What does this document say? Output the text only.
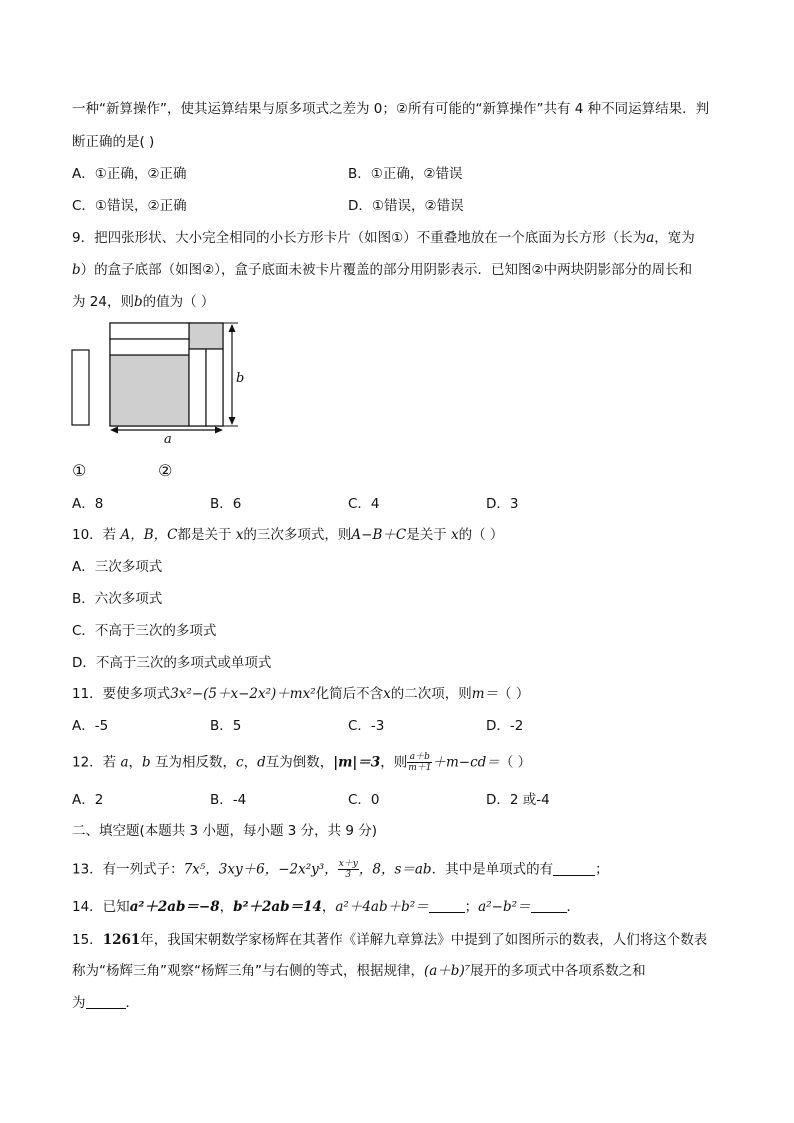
一种“新算操作”，使其运算结果与原多项式之差为 0；②所有可能的“新算操作”共有 4 种不同运算结果．判
断正确的是( )
A．①正确，②正确	B．①正确，②错误
C．①错误，②正确	D．①错误，②错误
9．把四张形状、大小完全相同的小长方形卡片（如图①）不重叠地放在一个底面为长方形（长为a，宽为
b）的盒子底部（如图②），盒子底面未被卡片覆盖的部分用阴影表示．已知图②中两块阴影部分的周长和
为 24，则b的值为（ ）
b
a
①	②
A．8	B．6	C．4	D．3
10．若 A，B，C都是关于 x的三次多项式，则A−B＋C是关于 x的（ ）
A．三次多项式
B．六次多项式
C．不高于三次的多项式
D．不高于三次的多项式或单项式
11．要使多项式3x²−(5＋x−2x²)＋mx²化简后不含x的二次项，则m＝（ ）
A．-5	B．5	C．-3	D．-2
12．若 a，b 互为相反数，c，d互为倒数，|m|＝3，则 $\frac{a+b}{m+1} +m-cd=$（ ）
A．2	B．-4	C．0	D．2 或-4
二、填空题(本题共 3 小题，每小题 3 分，共 9 分)
13．有一列式子：7x⁵，3xy＋6，−2x²y³， $\frac{x+y}{3}$ ，8，s＝ab．其中是单项式的有	；
14．已知a²＋2ab＝−8，b²＋2ab＝14，a²＋4ab＋b²＝	；a²−b²＝	．
15．1261年，我国宋朝数学家杨辉在其著作《详解九章算法》中提到了如图所示的数表，人们将这个数表
称为“杨辉三角”观察“杨辉三角”与右侧的等式，根据规律，(a＋b)⁷展开的多项式中各项系数之和
为	．
